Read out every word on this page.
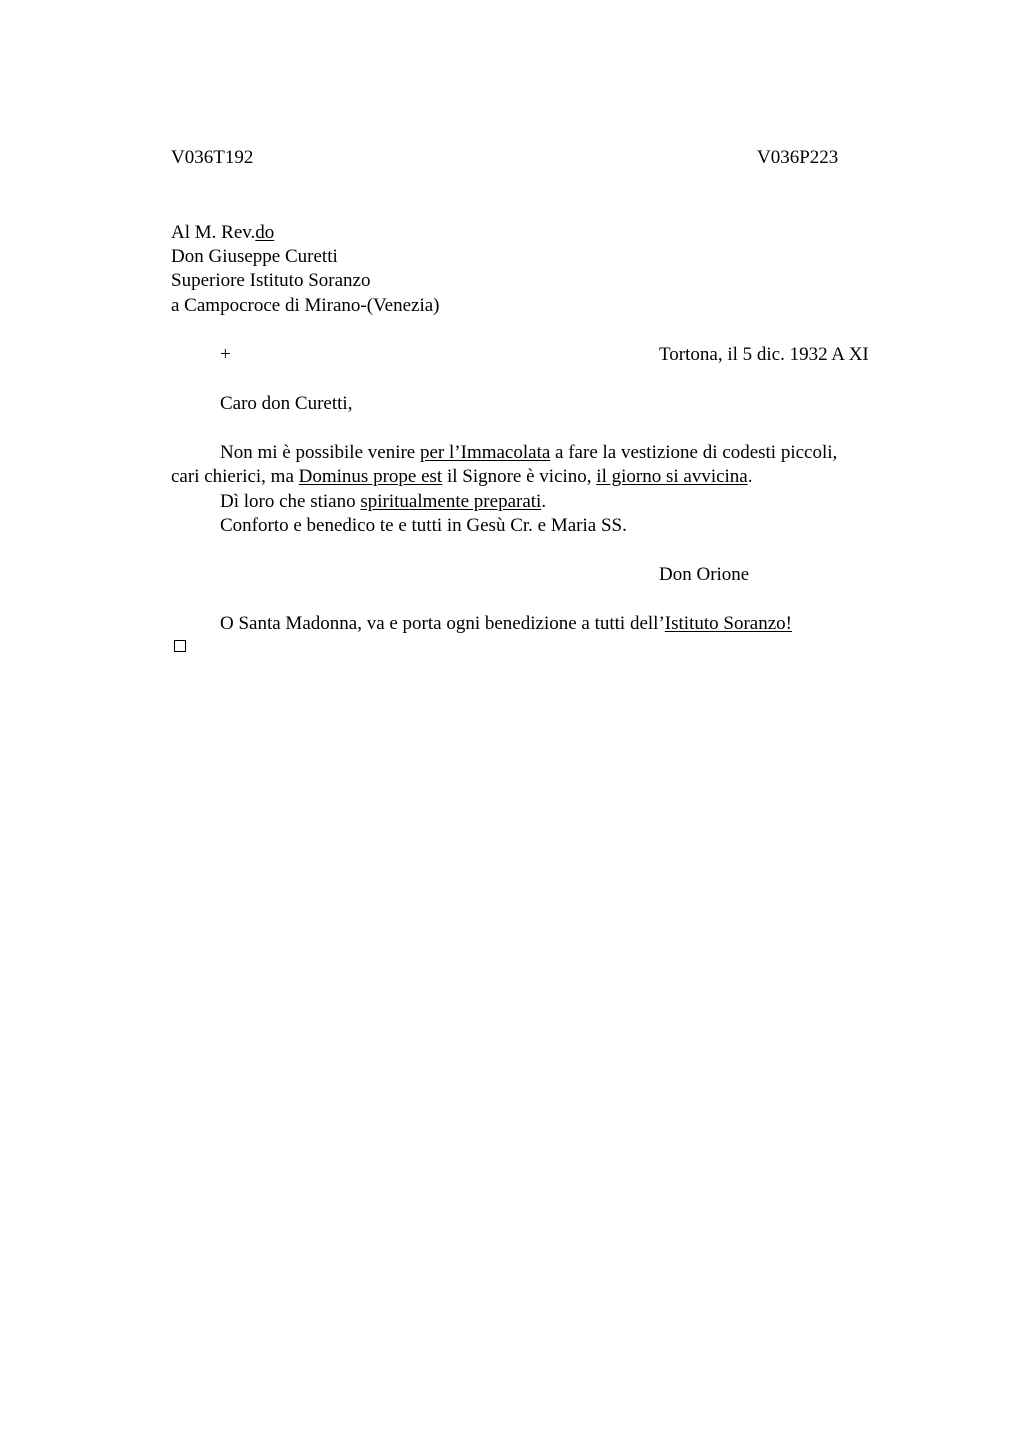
V036T192	V036P223
Al M. Rev.do
Don Giuseppe Curetti
Superiore Istituto Soranzo
a Campocroce di Mirano-(Venezia)
+	Tortona, il 5 dic. 1932 A XI
Caro don Curetti,
Non mi è possibile venire per l’Immacolata a fare la vestizione di codesti piccoli,
cari chierici, ma Dominus prope est il Signore è vicino, il giorno si avvicina.
Dì loro che stiano spiritualmente preparati.
Conforto e benedico te e tutti in Gesù Cr. e Maria SS.
Don Orione
O Santa Madonna, va e porta ogni benedizione a tutti dell’Istituto Soranzo!
